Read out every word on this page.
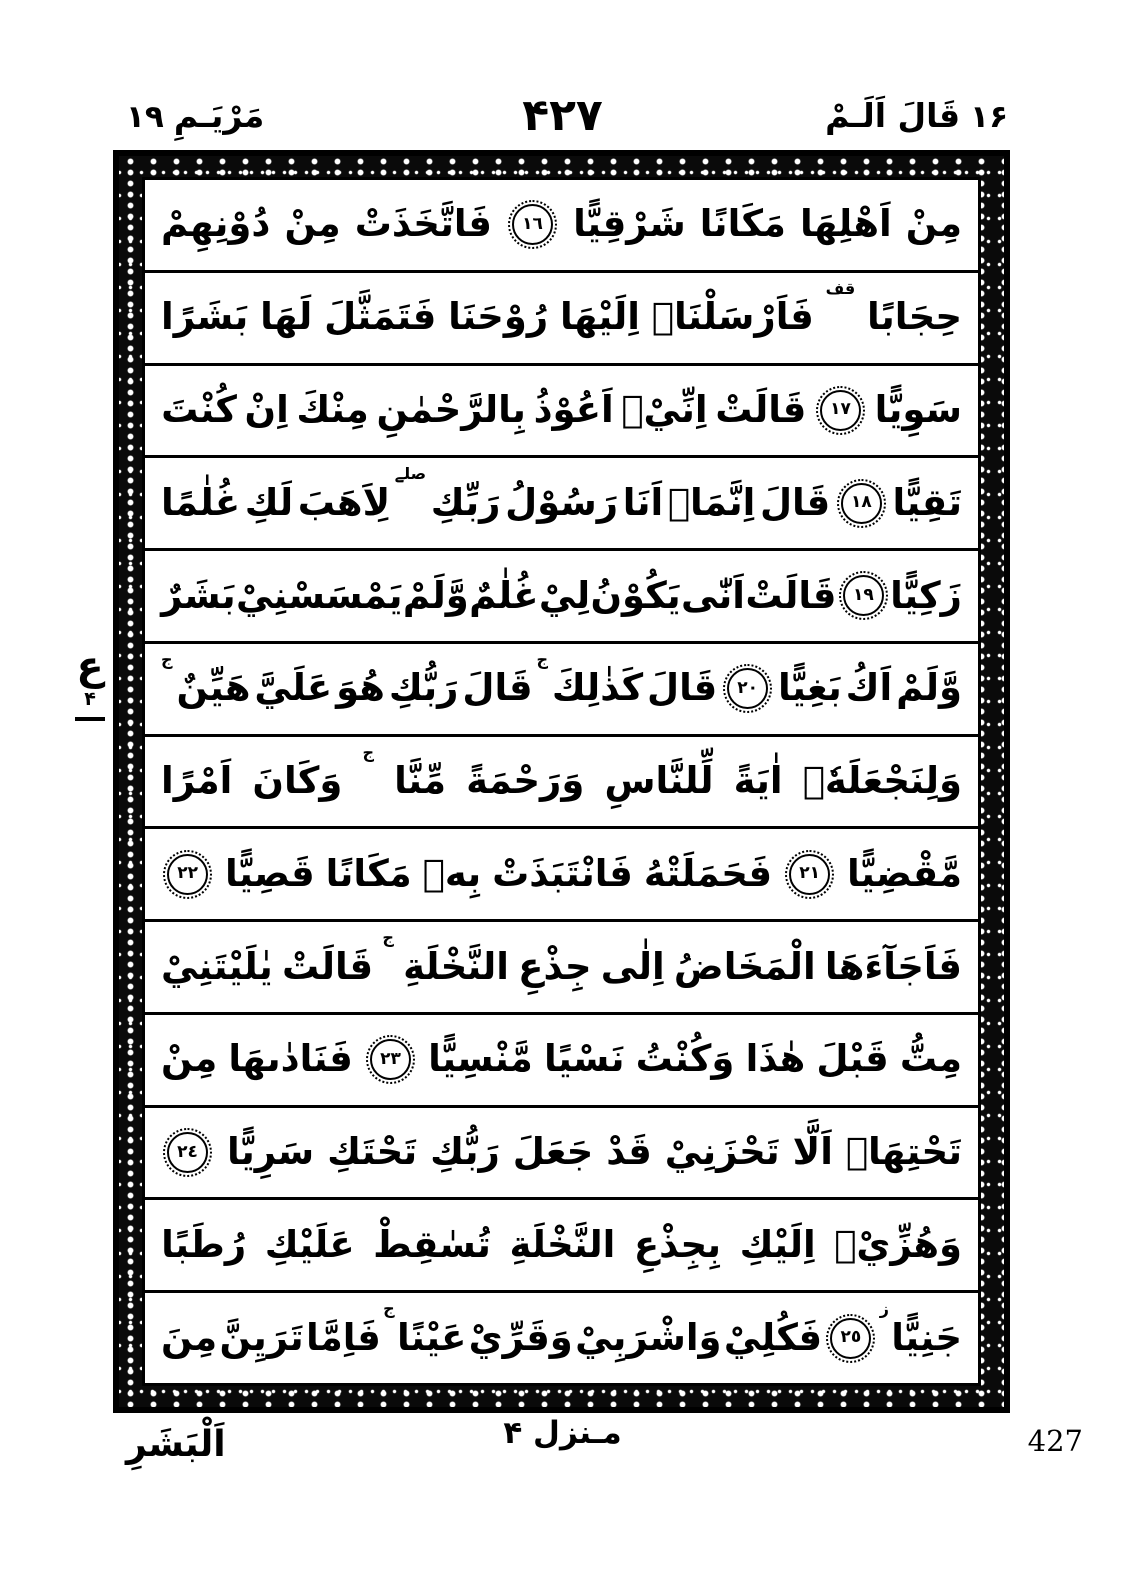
۱۹ مَرْيَـمِ	۴۲۷	قَالَ اَلَـمْ ۱۶
مِنْ
اَهْلِهَا
مَكَانًا
شَرْقِيًّا
١٦
فَاتَّخَذَتْ
مِنْ
دُوْنِهِمْ
حِجَابًا
قف
فَاَرْسَلْنَاۤ
اِلَيْهَا
رُوْحَنَا
فَتَمَثَّلَ
لَهَا
بَشَرًا
سَوِيًّا
١٧
قَالَتْ
اِنِّيْۤ
اَعُوْذُ
بِالرَّحْمٰنِ
مِنْكَ
اِنْ
كُنْتَ
تَقِيًّا
١٨
قَالَ
اِنَّمَاۤ
اَنَا
رَسُوْلُ
رَبِّكِ
صلے
لِاَهَبَ
لَكِ
غُلٰمًا
زَكِيًّا
١٩
قَالَتْ
اَنّٰى
يَكُوْنُ
لِيْ
غُلٰمٌ
وَّلَمْ
يَمْسَسْنِيْ
بَشَرٌ
وَّلَمْ
اَكُ
بَغِيًّا
٢٠
قَالَ
كَذٰلِكَ
ج
قَالَ
رَبُّكِ
هُوَ
عَلَيَّ
هَيِّنٌ
ج
وَلِنَجْعَلَهٗۤ
اٰيَةً
لِّلنَّاسِ
وَرَحْمَةً
مِّنَّا
ج
وَكَانَ
اَمْرًا
مَّقْضِيًّا
٢١
فَحَمَلَتْهُ
فَانْتَبَذَتْ
بِهٖ
مَكَانًا
قَصِيًّا
٢٢
فَاَجَآءَهَا
الْمَخَاضُ
اِلٰى
جِذْعِ
النَّخْلَةِ
ج
قَالَتْ
يٰلَيْتَنِيْ
مِتُّ
قَبْلَ
هٰذَا
وَكُنْتُ
نَسْيًا
مَّنْسِيًّا
٢٣
فَنَادٰىهَا
مِنْ
تَحْتِهَاۤ
اَلَّا
تَحْزَنِيْ
قَدْ
جَعَلَ
رَبُّكِ
تَحْتَكِ
سَرِيًّا
٢٤
وَهُزِّيْۤ
اِلَيْكِ
بِجِذْعِ
النَّخْلَةِ
تُسٰقِطْ
عَلَيْكِ
رُطَبًا
جَنِيًّا
ز
٢٥
فَكُلِيْ
وَاشْرَبِيْ
وَقَرِّيْ
عَيْنًا
ج
فَاِمَّا
تَرَيِنَّ
مِنَ
ع
۴
اَلْبَشَرِ	مـنزل ۴	427
